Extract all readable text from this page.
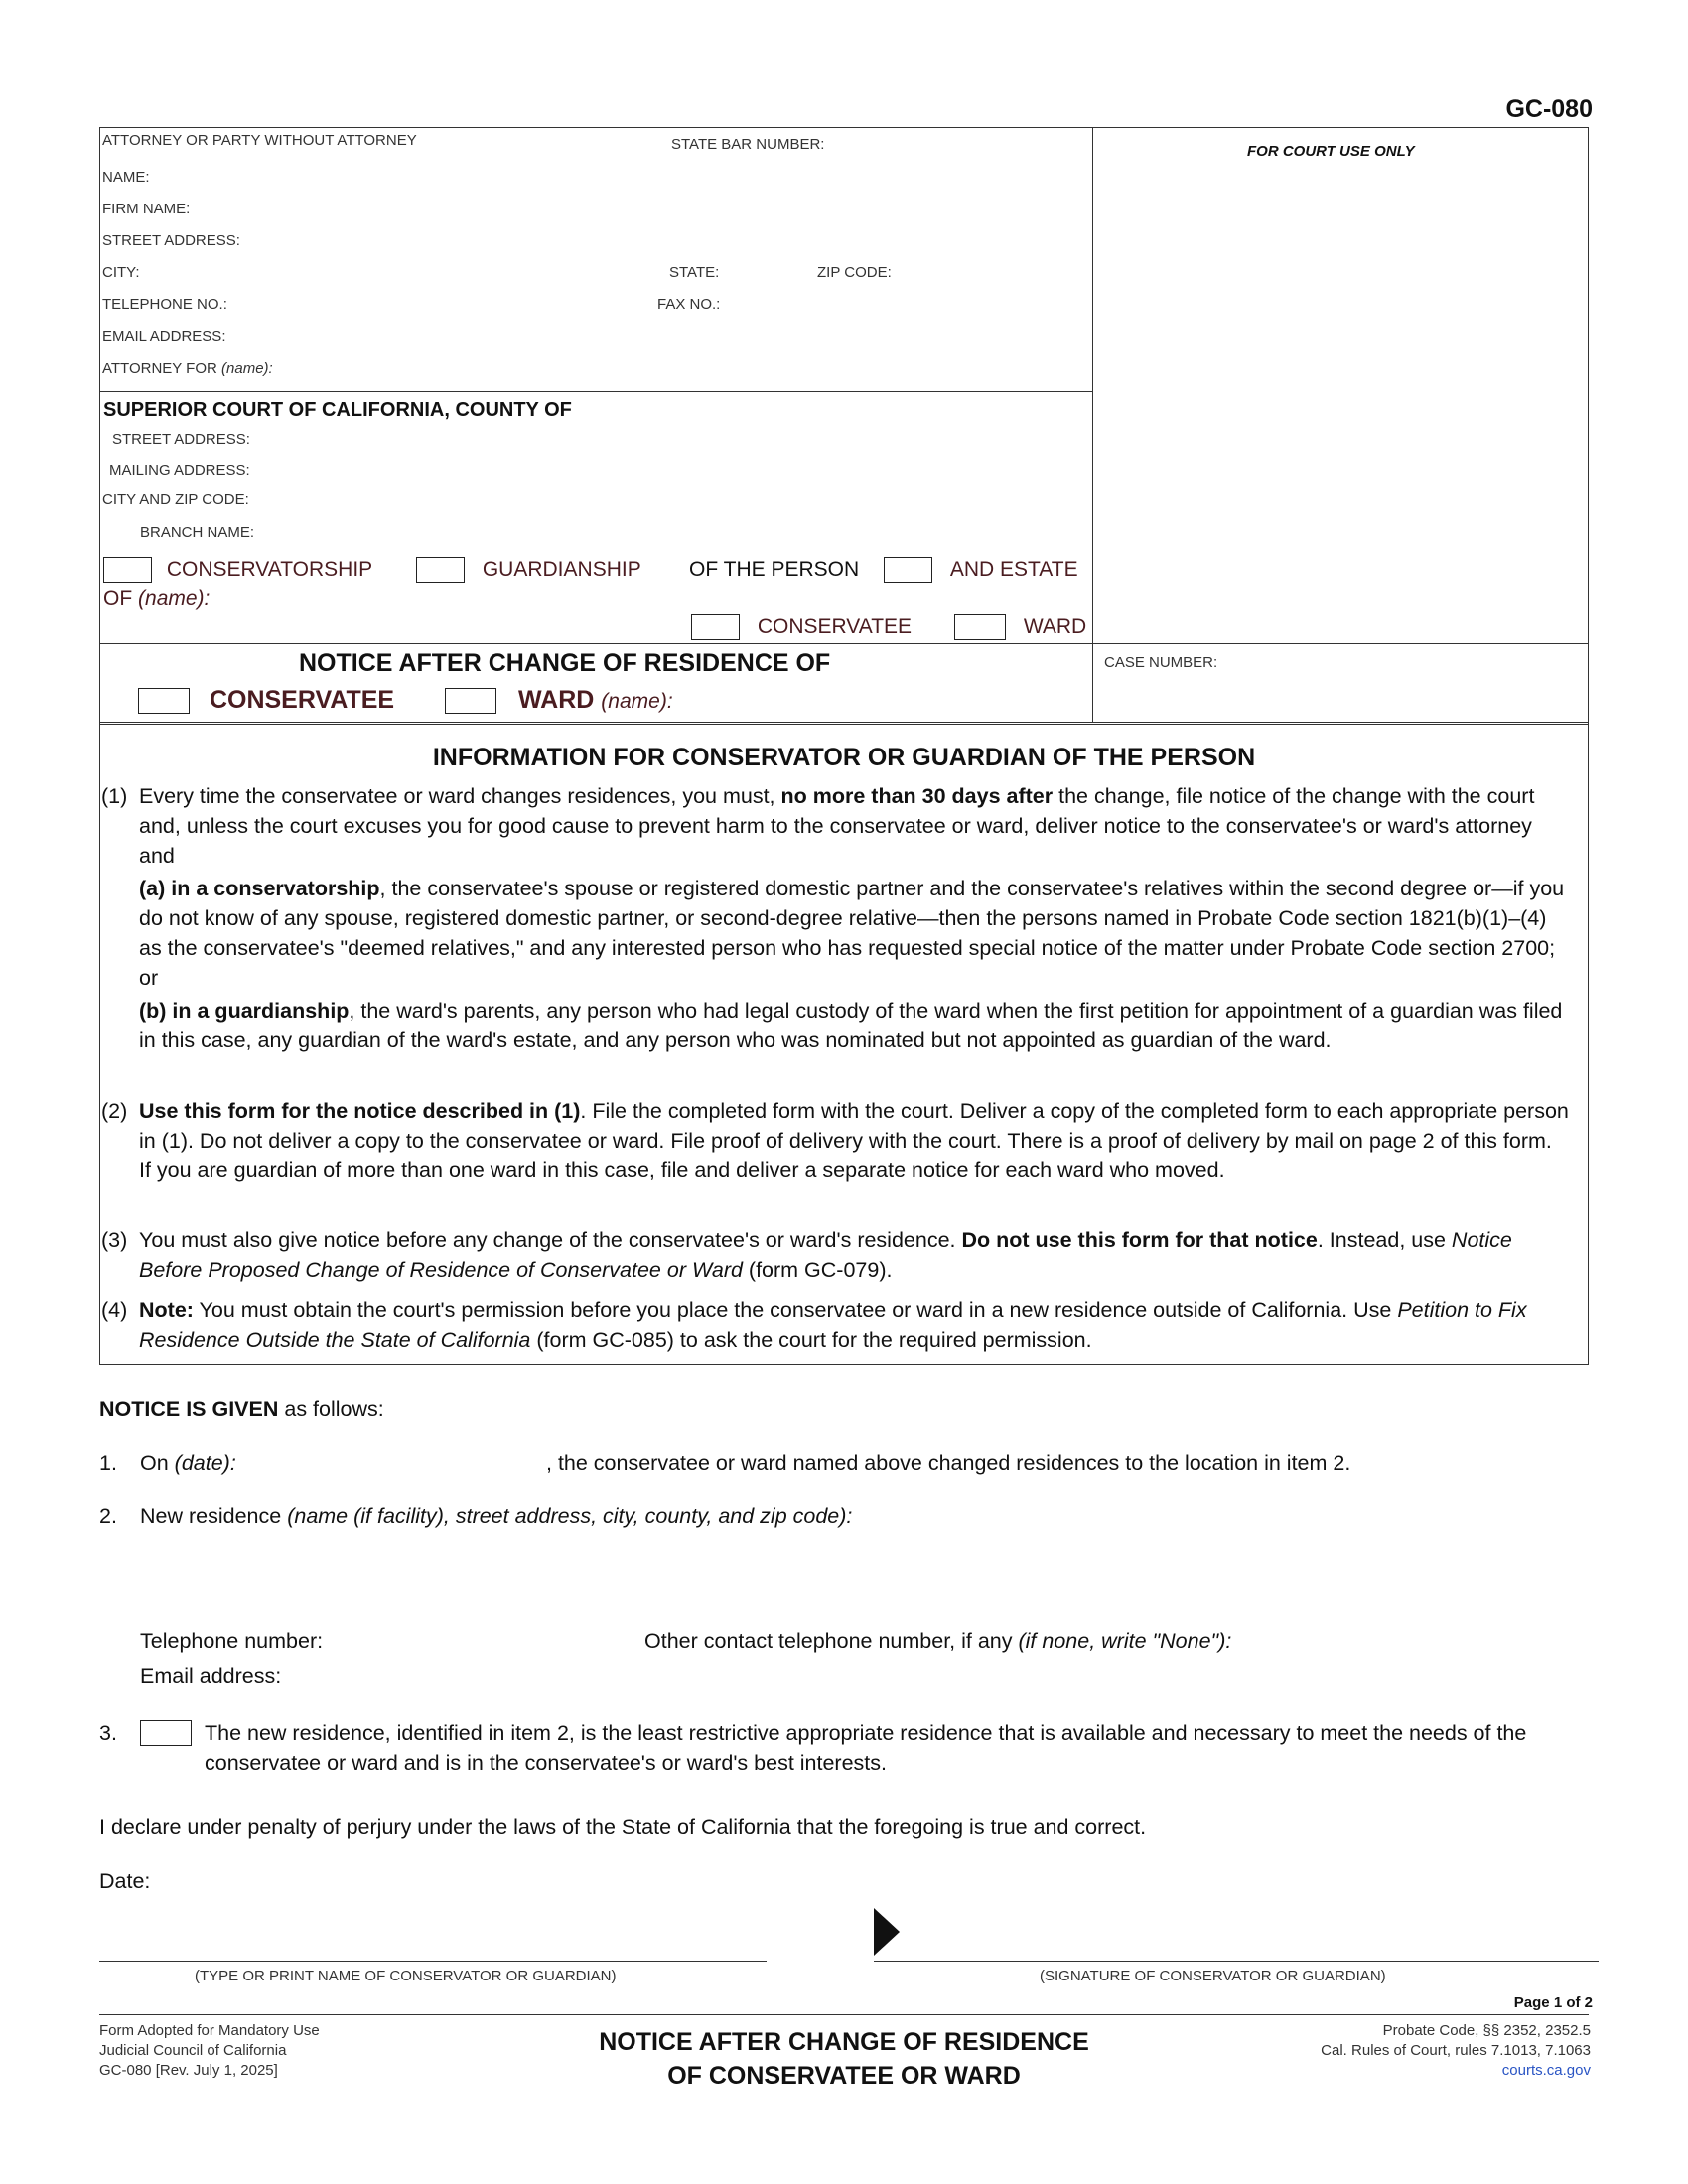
GC-080
ATTORNEY OR PARTY WITHOUT ATTORNEY	STATE BAR NUMBER:
NAME:
FIRM NAME:
STREET ADDRESS:
CITY:	STATE:	ZIP CODE:
TELEPHONE NO.:	FAX NO.:
EMAIL ADDRESS:
ATTORNEY FOR (name):
FOR COURT USE ONLY
SUPERIOR COURT OF CALIFORNIA, COUNTY OF
STREET ADDRESS:
MAILING ADDRESS:
CITY AND ZIP CODE:
BRANCH NAME:
CONSERVATORSHIP	GUARDIANSHIP OF THE PERSON	AND ESTATE
OF (name):
CONSERVATEE	WARD
NOTICE AFTER CHANGE OF RESIDENCE OF
CONSERVATEE	WARD (name):
CASE NUMBER:
INFORMATION FOR CONSERVATOR OR GUARDIAN OF THE PERSON
(1) Every time the conservatee or ward changes residences, you must, no more than 30 days after the change, file notice of the change with the court and, unless the court excuses you for good cause to prevent harm to the conservatee or ward, deliver notice to the conservatee's or ward's attorney and
(a) in a conservatorship, the conservatee's spouse or registered domestic partner and the conservatee's relatives within the second degree or—if you do not know of any spouse, registered domestic partner, or second-degree relative—then the persons named in Probate Code section 1821(b)(1)–(4) as the conservatee's "deemed relatives," and any interested person who has requested special notice of the matter under Probate Code section 2700; or
(b) in a guardianship, the ward's parents, any person who had legal custody of the ward when the first petition for appointment of a guardian was filed in this case, any guardian of the ward's estate, and any person who was nominated but not appointed as guardian of the ward.
(2) Use this form for the notice described in (1). File the completed form with the court. Deliver a copy of the completed form to each appropriate person in (1). Do not deliver a copy to the conservatee or ward. File proof of delivery with the court. There is a proof of delivery by mail on page 2 of this form. If you are guardian of more than one ward in this case, file and deliver a separate notice for each ward who moved.
(3) You must also give notice before any change of the conservatee's or ward's residence. Do not use this form for that notice. Instead, use Notice Before Proposed Change of Residence of Conservatee or Ward (form GC-079).
(4) Note: You must obtain the court's permission before you place the conservatee or ward in a new residence outside of California. Use Petition to Fix Residence Outside the State of California (form GC-085) to ask the court for the required permission.
NOTICE IS GIVEN as follows:
1. On (date):	, the conservatee or ward named above changed residences to the location in item 2.
2. New residence (name (if facility), street address, city, county, and zip code):
Telephone number:	Other contact telephone number, if any (if none, write "None"):
Email address:
3.	The new residence, identified in item 2, is the least restrictive appropriate residence that is available and necessary to meet the needs of the conservatee or ward and is in the conservatee's or ward's best interests.
I declare under penalty of perjury under the laws of the State of California that the foregoing is true and correct.
Date:
(TYPE OR PRINT NAME OF CONSERVATOR OR GUARDIAN)	(SIGNATURE OF CONSERVATOR OR GUARDIAN)
Page 1 of 2
Form Adopted for Mandatory Use
Judicial Council of California
GC-080 [Rev. July 1, 2025]
NOTICE AFTER CHANGE OF RESIDENCE
OF CONSERVATEE OR WARD
Probate Code, §§ 2352, 2352.5
Cal. Rules of Court, rules 7.1013, 7.1063
courts.ca.gov
